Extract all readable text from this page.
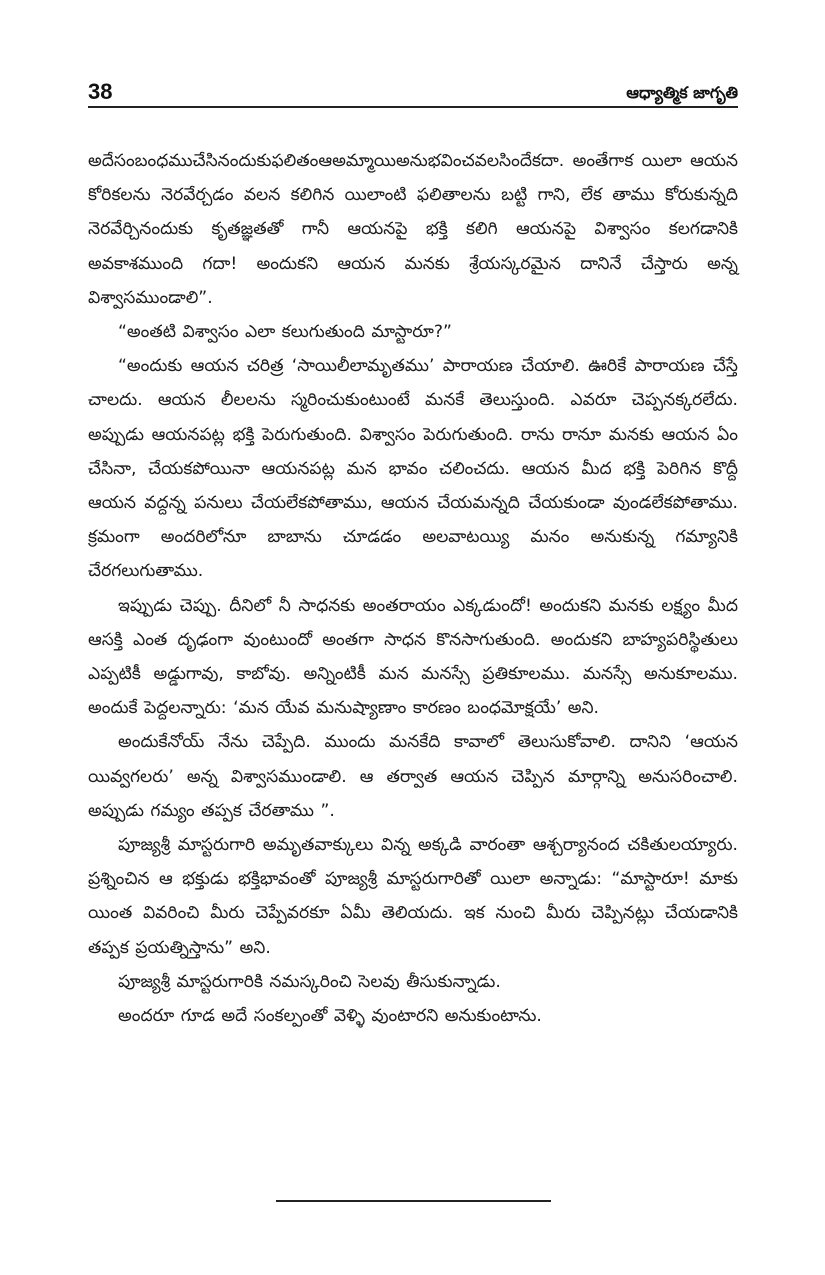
38	ఆధ్యాత్మిక జాగృతి

అదేసంబంధముచేసినందుకుఫలితంఆఅమ్మాయిఅనుభవించవలసిందేకదా. అంతేగాక యిలా ఆయన కోరికలను నెరవేర్చడం వలన కలిగిన యిలాంటి ఫలితాలను బట్టి గాని, లేక తాము కోరుకున్నది నెరవేర్చినందుకు కృతజ్ఞతతో గానీ ఆయనపై భక్తి కలిగి ఆయనపై విశ్వాసం కలగడానికి అవకాశముంది గదా! అందుకని ఆయన మనకు శ్రేయస్కరమైన దానినే చేస్తారు అన్న విశ్వాసముండాలి”.

“అంతటి విశ్వాసం ఎలా కలుగుతుంది మాస్టారూ?”

“అందుకు ఆయన చరిత్ర ‘సాయిలీలామృతము’ పారాయణ చేయాలి. ఊరికే పారాయణ చేస్తే చాలదు. ఆయన లీలలను స్మరించుకుంటుంటే మనకే తెలుస్తుంది. ఎవరూ చెప్పనక్కరలేదు. అప్పుడు ఆయనపట్ల భక్తి పెరుగుతుంది. విశ్వాసం పెరుగుతుంది. రాను రానూ మనకు ఆయన ఏం చేసినా, చేయకపోయినా ఆయనపట్ల మన భావం చలించదు. ఆయన మీద భక్తి పెరిగిన కొద్దీ ఆయన వద్దన్న పనులు చేయలేకపోతాము, ఆయన చేయమన్నది చేయకుండా వుండలేకపోతాము. క్రమంగా అందరిలోనూ బాబాను చూడడం అలవాటయ్యి మనం అనుకున్న గమ్యానికి చేరగలుగుతాము.

ఇప్పుడు చెప్పు. దీనిలో నీ సాధనకు అంతరాయం ఎక్కడుందో! అందుకని మనకు లక్ష్యం మీద ఆసక్తి ఎంత దృఢంగా వుంటుందో అంతగా సాధన కొనసాగుతుంది. అందుకని బాహ్యపరిస్థితులు ఎప్పటికీ అడ్డుగావు, కాబోవు. అన్నింటికీ మన మనస్సే ప్రతికూలము. మనస్సే అనుకూలము. అందుకే పెద్దలన్నారు: ‘మన యేవ మనుష్యాణాం కారణం బంధమోక్షయే’ అని.

అందుకేనోయ్ నేను చెప్పేది. ముందు మనకేది కావాలో తెలుసుకోవాలి. దానిని ‘ఆయన యివ్వగలరు’ అన్న విశ్వాసముండాలి. ఆ తర్వాత ఆయన చెప్పిన మార్గాన్ని అనుసరించాలి. అప్పుడు గమ్యం తప్పక చేరతాము ”.

పూజ్యశ్రీ మాస్టరుగారి అమృతవాక్కులు విన్న అక్కడి వారంతా ఆశ్చర్యానంద చకితులయ్యారు. ప్రశ్నించిన ఆ భక్తుడు భక్తిభావంతో పూజ్యశ్రీ మాస్టరుగారితో యిలా అన్నాడు: “మాస్టారూ! మాకు యింత వివరించి మీరు చెప్పేవరకూ ఏమీ తెలియదు. ఇక నుంచి మీరు చెప్పినట్లు చేయడానికి తప్పక ప్రయత్నిస్తాను” అని.

పూజ్యశ్రీ మాస్టరుగారికి నమస్కరించి సెలవు తీసుకున్నాడు.

అందరూ గూడ అదే సంకల్పంతో వెళ్ళి వుంటారని అనుకుంటాను.
